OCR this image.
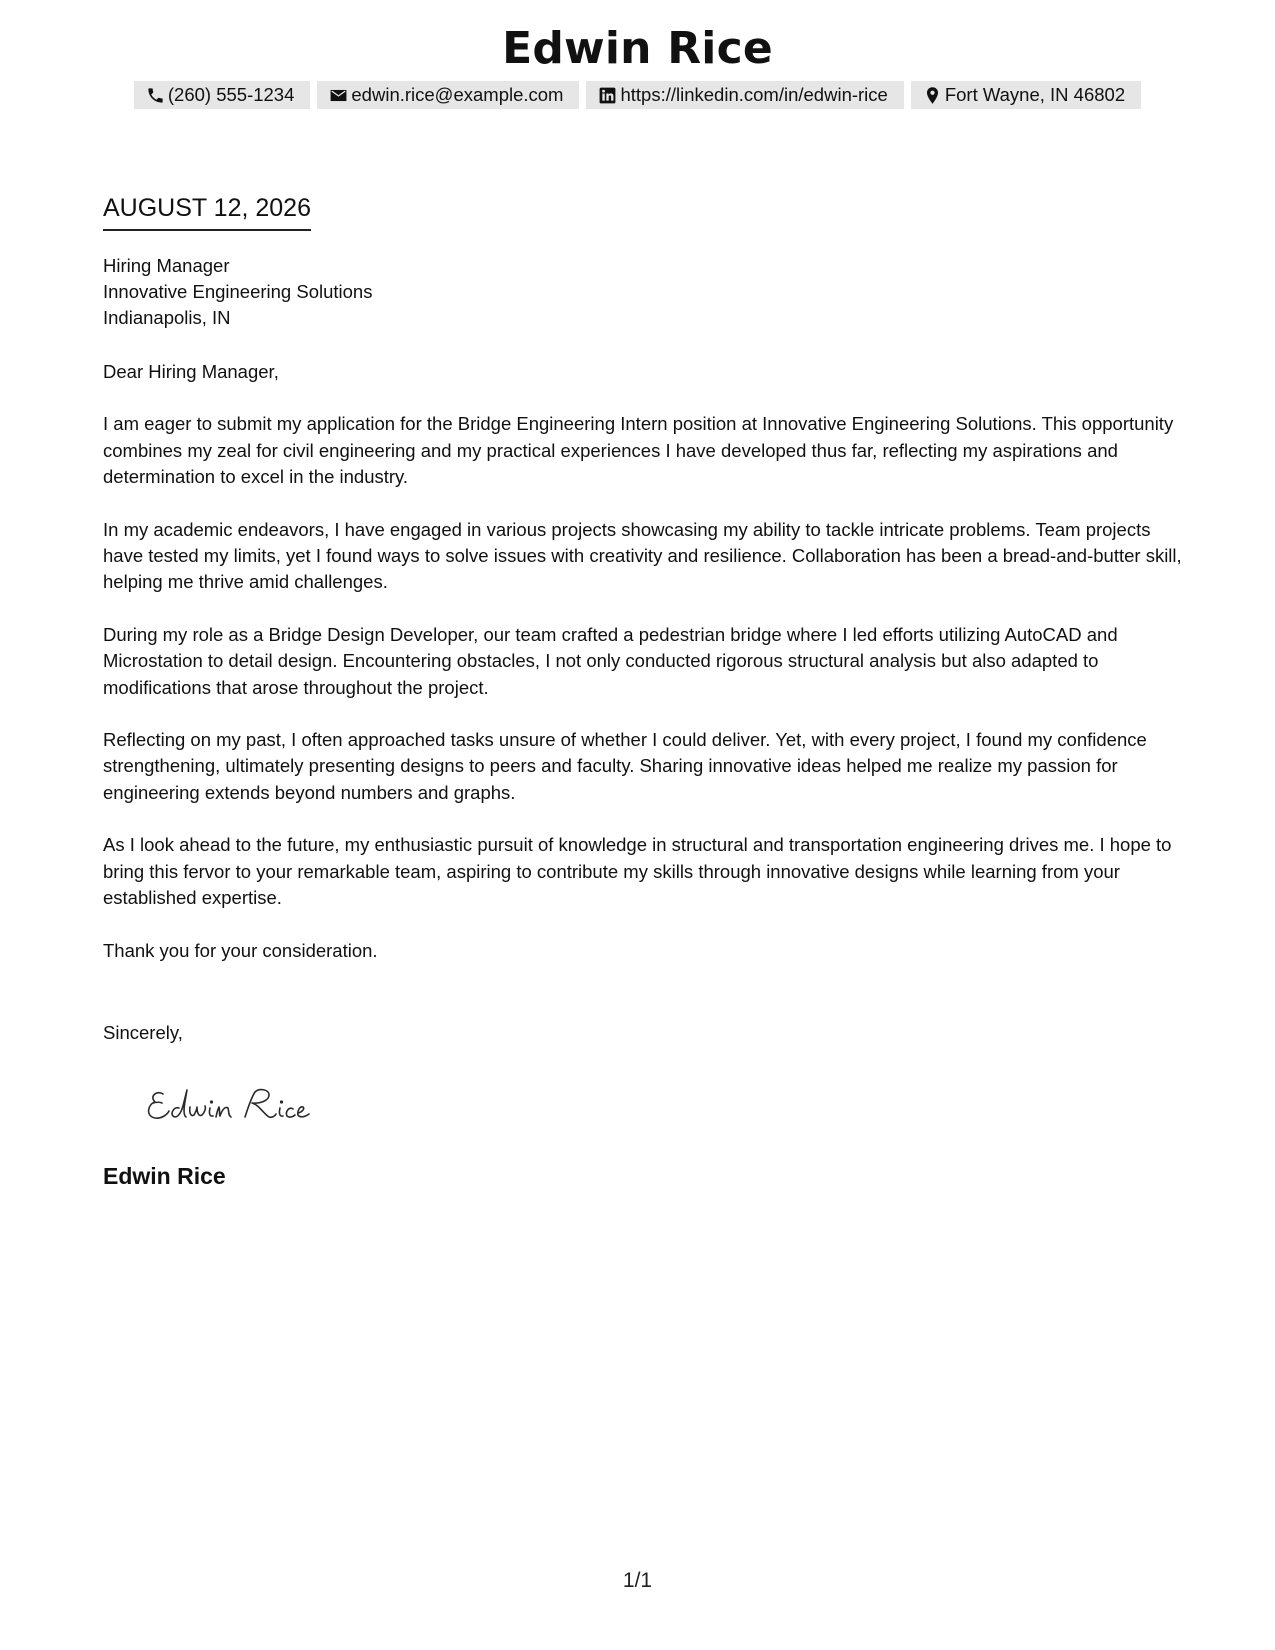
Edwin Rice
(260) 555-1234	edwin.rice@example.com	https://linkedin.com/in/edwin-rice	Fort Wayne, IN 46802
AUGUST 12, 2026
Hiring Manager
Innovative Engineering Solutions
Indianapolis, IN

Dear Hiring Manager,

I am eager to submit my application for the Bridge Engineering Intern position at Innovative Engineering Solutions. This opportunity combines my zeal for civil engineering and my practical experiences I have developed thus far, reflecting my aspirations and determination to excel in the industry.

In my academic endeavors, I have engaged in various projects showcasing my ability to tackle intricate problems. Team projects have tested my limits, yet I found ways to solve issues with creativity and resilience. Collaboration has been a bread-and-butter skill, helping me thrive amid challenges.

During my role as a Bridge Design Developer, our team crafted a pedestrian bridge where I led efforts utilizing AutoCAD and Microstation to detail design. Encountering obstacles, I not only conducted rigorous structural analysis but also adapted to modifications that arose throughout the project.

Reflecting on my past, I often approached tasks unsure of whether I could deliver. Yet, with every project, I found my confidence strengthening, ultimately presenting designs to peers and faculty. Sharing innovative ideas helped me realize my passion for engineering extends beyond numbers and graphs.

As I look ahead to the future, my enthusiastic pursuit of knowledge in structural and transportation engineering drives me. I hope to bring this fervor to your remarkable team, aspiring to contribute my skills through innovative designs while learning from your established expertise.

Thank you for your consideration.

Sincerely,
Edwin Rice
1/1
